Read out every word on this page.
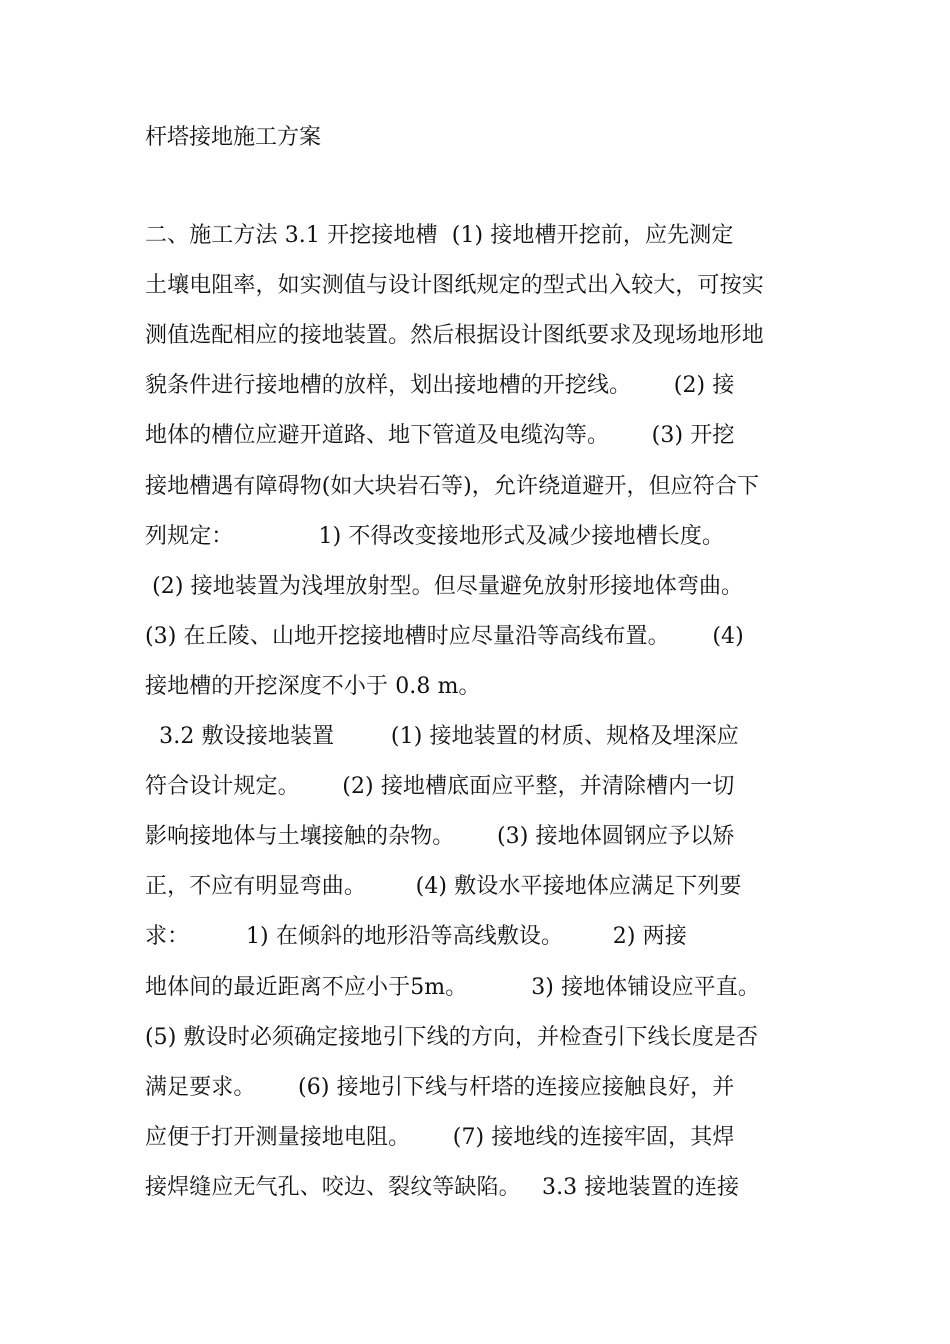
杆塔接地施工方案
二、施工方法 3.1 开挖接地槽  (1) 接地槽开挖前，应先测定
土壤电阻率，如实测值与设计图纸规定的型式出入较大，可按实
测值选配相应的接地装置。然后根据设计图纸要求及现场地形地
貌条件进行接地槽的放样，划出接地槽的开挖线。      (2) 接
地体的槽位应避开道路、地下管道及电缆沟等。      (3) 开挖
接地槽遇有障碍物(如大块岩石等)，允许绕道避开，但应符合下
列规定：            1) 不得改变接地形式及减少接地槽长度。
(2) 接地装置为浅埋放射型。但尽量避免放射形接地体弯曲。
(3) 在丘陵、山地开挖接地槽时应尽量沿等高线布置。      (4)
接地槽的开挖深度不小于 0.8 m。
3.2 敷设接地装置        (1) 接地装置的材质、规格及埋深应
符合设计规定。      (2) 接地槽底面应平整，并清除槽内一切
影响接地体与土壤接触的杂物。      (3) 接地体圆钢应予以矫
正，不应有明显弯曲。       (4) 敷设水平接地体应满足下列要
求：        1) 在倾斜的地形沿等高线敷设。       2) 两接
地体间的最近距离不应小于5m。         3) 接地体铺设应平直。
(5) 敷设时必须确定接地引下线的方向，并检查引下线长度是否
满足要求。      (6) 接地引下线与杆塔的连接应接触良好，并
应便于打开测量接地电阻。      (7) 接地线的连接牢固，其焊
接焊缝应无气孔、咬边、裂纹等缺陷。   3.3 接地装置的连接
